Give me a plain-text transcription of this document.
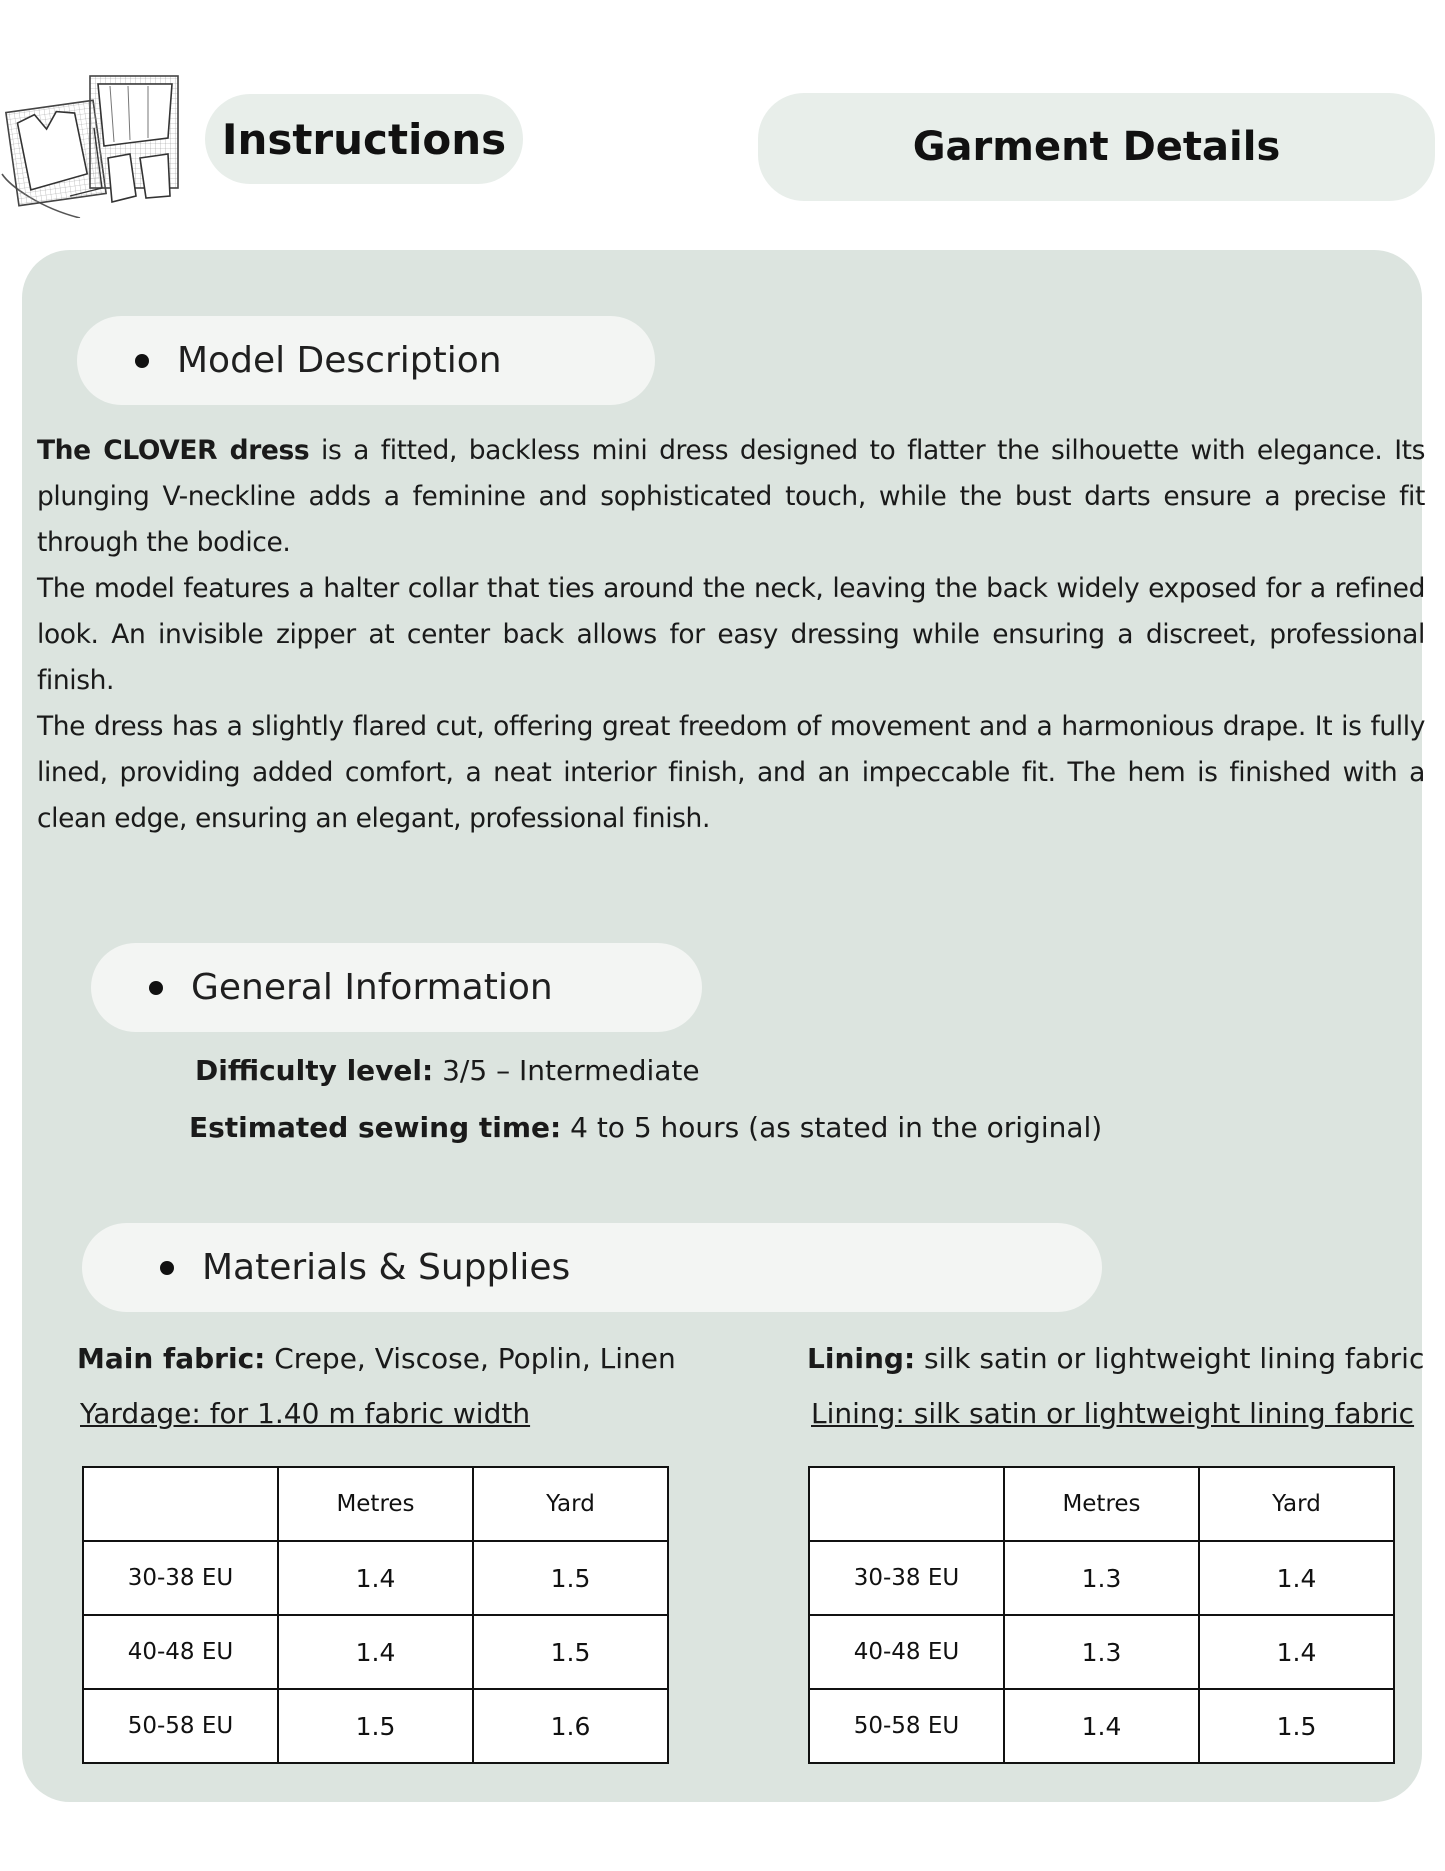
Instructions	Garment Details
Model Description

The CLOVER dress is a fitted, backless mini dress designed to flatter the silhouette with elegance. Its plunging V-neckline adds a feminine and sophisticated touch, while the bust darts ensure a precise fit through the bodice.

The model features a halter collar that ties around the neck, leaving the back widely exposed for a refined look. An invisible zipper at center back allows for easy dressing while ensuring a discreet, professional finish.

The dress has a slightly flared cut, offering great freedom of movement and a harmonious drape. It is fully lined, providing added comfort, a neat interior finish, and an impeccable fit. The hem is finished with a clean edge, ensuring an elegant, professional finish.

General Information
Difficulty level: 3/5 – Intermediate
Estimated sewing time: 4 to 5 hours (as stated in the original)
Materials & Supplies
Main fabric: Crepe, Viscose, Poplin, Linen
Yardage: for 1.40 m fabric width
Lining: silk satin or lightweight lining fabric
Lining: silk satin or lightweight lining fabric
	Metres	Yard
30-38 EU	1.4	1.5
40-48 EU	1.4	1.5
50-58 EU	1.5	1.6
	Metres	Yard
30-38 EU	1.3	1.4
40-48 EU	1.3	1.4
50-58 EU	1.4	1.5
